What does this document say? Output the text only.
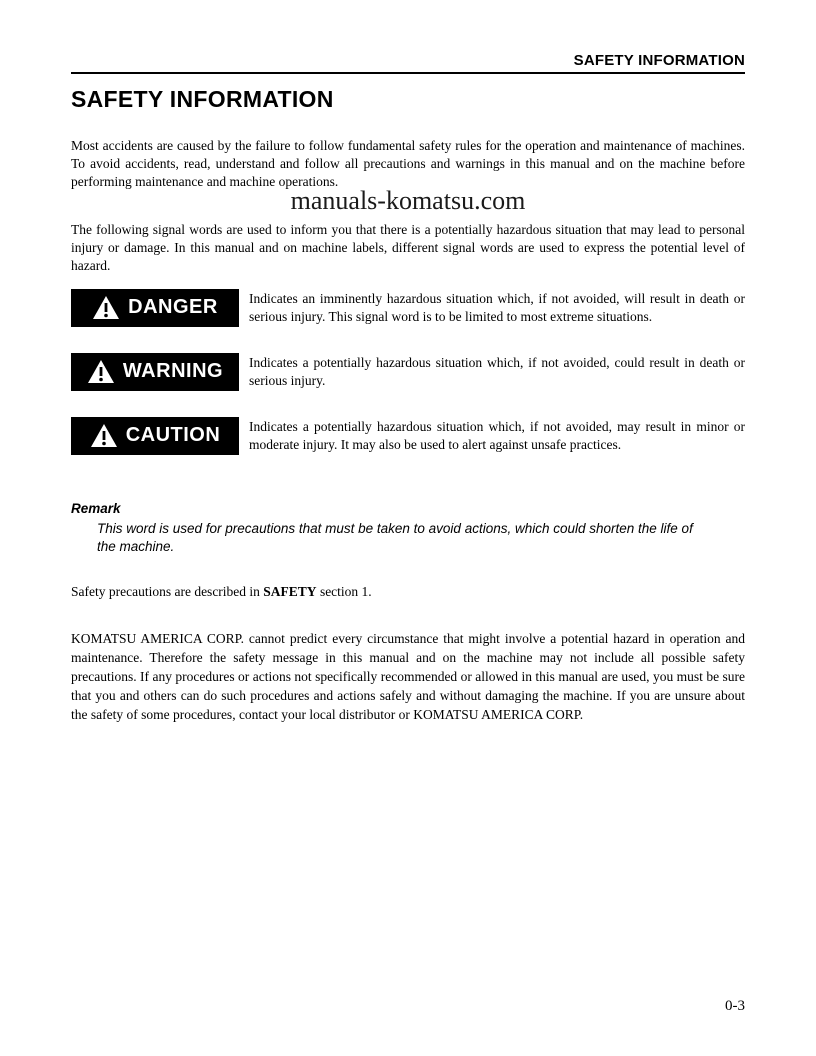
SAFETY INFORMATION
SAFETY INFORMATION

Most accidents are caused by the failure to follow fundamental safety rules for the operation and maintenance of machines. To avoid accidents, read, understand and follow all precautions and warnings in this manual and on the machine before performing maintenance and machine operations.

The following signal words are used to inform you that there is a potentially hazardous situation that may lead to personal injury or damage. In this manual and on machine labels, different signal words are used to express the potential level of hazard.

DANGER Indicates an imminently hazardous situation which, if not avoided, will result in death or serious injury. This signal word is to be limited to most extreme situations.
WARNING Indicates a potentially hazardous situation which, if not avoided, could result in death or serious injury.
CAUTION Indicates a potentially hazardous situation which, if not avoided, may result in minor or moderate injury. It may also be used to alert against unsafe practices.
Remark
This word is used for precautions that must be taken to avoid actions, which could shorten the life of the machine.

Safety precautions are described in SAFETY section 1.

KOMATSU AMERICA CORP. cannot predict every circumstance that might involve a potential hazard in operation and maintenance. Therefore the safety message in this manual and on the machine may not include all possible safety precautions. If any procedures or actions not specifically recommended or allowed in this manual are used, you must be sure that you and others can do such procedures and actions safely and without damaging the machine. If you are unsure about the safety of some procedures, contact your local distributor or KOMATSU AMERICA CORP.

manuals-komatsu.com
0-3
